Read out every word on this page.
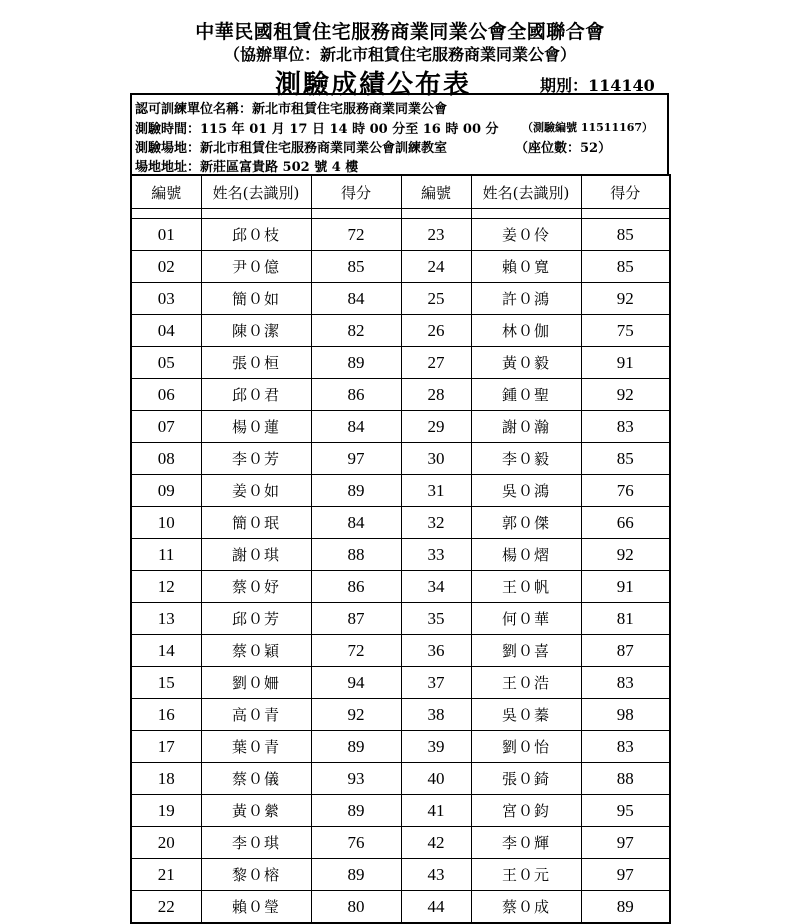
中華民國租賃住宅服務商業同業公會全國聯合會
（協辦單位：新北市租賃住宅服務商業同業公會）
測驗成績公布表	期別：114140
認可訓練單位名稱：新北市租賃住宅服務商業同業公會
測驗時間：115 年 01 月 17 日 14 時 00 分至 16 時 00 分 （測驗編號 11511167）
測驗場地：新北市租賃住宅服務商業同業公會訓練教室	（座位數：52）
場地地址：新莊區富貴路 502 號 4 樓
編號	姓名(去識別)	得分	編號	姓名(去識別)	得分

01	邱０枝	72	23	姜０伶	85
02	尹０億	85	24	賴０寬	85
03	簡０如	84	25	許０鴻	92
04	陳０潔	82	26	林０伽	75
05	張０桓	89	27	黃０毅	91
06	邱０君	86	28	鍾０聖	92
07	楊０蓮	84	29	謝０瀚	83
08	李０芳	97	30	李０毅	85
09	姜０如	89	31	吳０鴻	76
10	簡０珉	84	32	郭０傑	66
11	謝０琪	88	33	楊０熠	92
12	蔡０妤	86	34	王０帆	91
13	邱０芳	87	35	何０華	81
14	蔡０穎	72	36	劉０喜	87
15	劉０姍	94	37	王０浩	83
16	高０青	92	38	吳０蓁	98
17	葉０青	89	39	劉０怡	83
18	蔡０儀	93	40	張０錡	88
19	黃０縈	89	41	宮０鈞	95
20	李０琪	76	42	李０輝	97
21	黎０榕	89	43	王０元	97
22	賴０瑩	80	44	蔡０成	89
